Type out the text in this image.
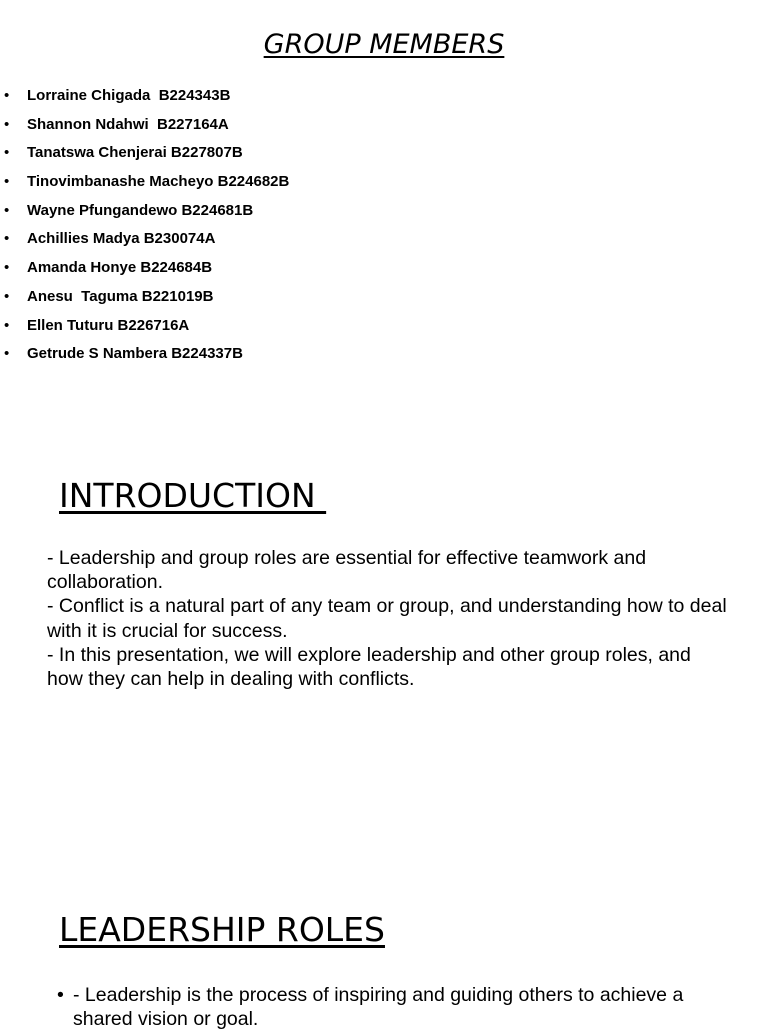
GROUP MEMBERS
• Lorraine Chigada  B224343B
• Shannon Ndahwi  B227164A
• Tanatswa Chenjerai B227807B
• Tinovimbanashe Macheyo B224682B
• Wayne Pfungandewo B224681B
• Achillies Madya B230074A
• Amanda Honye B224684B
• Anesu  Taguma B221019B
• Ellen Tuturu B226716A
• Getrude S Nambera B224337B
INTRODUCTION
- Leadership and group roles are essential for effective teamwork and collaboration.
- Conflict is a natural part of any team or group, and understanding how to deal with it is crucial for success.
- In this presentation, we will explore leadership and other group roles, and how they can help in dealing with conflicts.
LEADERSHIP ROLES
• - Leadership is the process of inspiring and guiding others to achieve a shared vision or goal.
